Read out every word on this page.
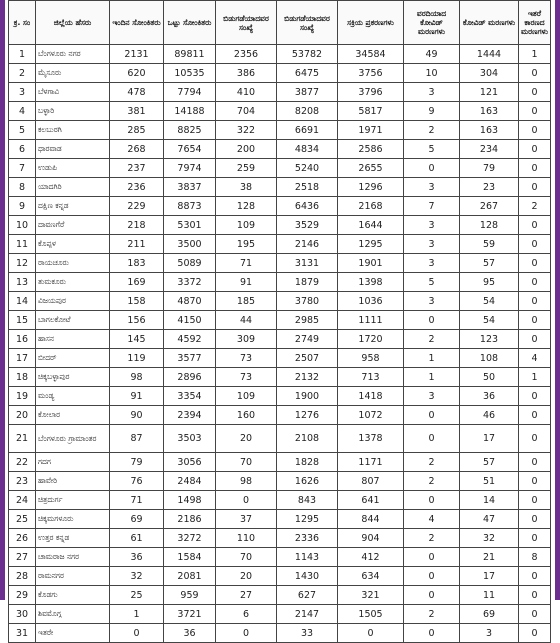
ಕ್ರ. ಸಂ	ಜಿಲ್ಲೆಯ ಹೆಸರು	ಇಂದಿನ ಸೋಂಕಿತರು	ಒಟ್ಟು ಸೋಂಕಿತರು	ಬಿಡುಗಡೆಯಾದವರ ಸಂಖ್ಯೆ	ಬಿಡುಗಡೆಯಾದವರ ಸಂಖ್ಯೆ	ಸಕ್ರಿಯ ಪ್ರಕರಣಗಳು	ವರದಿಯಾದ ಕೋವಿಡ್ ಮರಣಗಳು	ಕೋವಿಡ್ ಮರಣಗಳು	ಇತರೆ ಕಾರಣದ ಮರಣಗಳು
1	ಬೆಂಗಳೂರು ನಗರ	2131	89811	2356	53782	34584	49	1444	1
2	ಮೈಸೂರು	620	10535	386	6475	3756	10	304	0
3	ಬೆಳಗಾವಿ	478	7794	410	3877	3796	3	121	0
4	ಬಳ್ಳಾರಿ	381	14188	704	8208	5817	9	163	0
5	ಕಲಬುರಗಿ	285	8825	322	6691	1971	2	163	0
6	ಧಾರವಾಡ	268	7654	200	4834	2586	5	234	0
7	ಉಡುಪಿ	237	7974	259	5240	2655	0	79	0
8	ಯಾದಗಿರಿ	236	3837	38	2518	1296	3	23	0
9	ದಕ್ಷಿಣ ಕನ್ನಡ	229	8873	128	6436	2168	7	267	2
10	ದಾವಣಗೆರೆ	218	5301	109	3529	1644	3	128	0
11	ಕೊಪ್ಪಳ	211	3500	195	2146	1295	3	59	0
12	ರಾಯಚೂರು	183	5089	71	3131	1901	3	57	0
13	ತುಮಕೂರು	169	3372	91	1879	1398	5	95	0
14	ವಿಜಯಪುರ	158	4870	185	3780	1036	3	54	0
15	ಬಾಗಲಕೋಟೆ	156	4150	44	2985	1111	0	54	0
16	ಹಾಸನ	145	4592	309	2749	1720	2	123	0
17	ಬೀದರ್	119	3577	73	2507	958	1	108	4
18	ಚಿಕ್ಕಬಳ್ಳಾಪುರ	98	2896	73	2132	713	1	50	1
19	ಮಂಡ್ಯ	91	3354	109	1900	1418	3	36	0
20	ಕೋಲಾರ	90	2394	160	1276	1072	0	46	0
21	ಬೆಂಗಳೂರು ಗ್ರಾಮಾಂತರ	87	3503	20	2108	1378	0	17	0
22	ಗದಗ	79	3056	70	1828	1171	2	57	0
23	ಹಾವೇರಿ	76	2484	98	1626	807	2	51	0
24	ಚಿತ್ರದುರ್ಗ	71	1498	0	843	641	0	14	0
25	ಚಿಕ್ಕಮಗಳೂರು	69	2186	37	1295	844	4	47	0
26	ಉತ್ತರ ಕನ್ನಡ	61	3272	110	2336	904	2	32	0
27	ಚಾಮರಾಜ ನಗರ	36	1584	70	1143	412	0	21	8
28	ರಾಮನಗರ	32	2081	20	1430	634	0	17	0
29	ಕೊಡಗು	25	959	27	627	321	0	11	0
30	ಶಿವಮೊಗ್ಗ	1	3721	6	2147	1505	2	69	0
31	ಇತರೇ	0	36	0	33	0	0	3	0
